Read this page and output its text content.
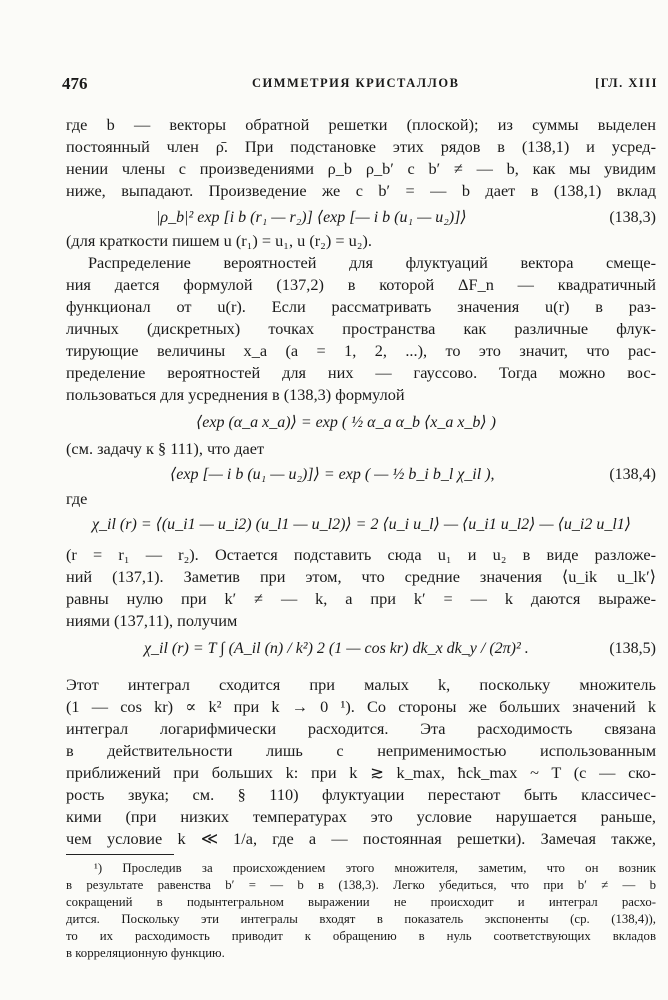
476	СИММЕТРИЯ КРИСТАЛЛОВ	[ГЛ. XIII
где b — векторы обратной решетки (плоской); из суммы выделен
постоянный член ρ̄. При подстановке этих рядов в (138,1) и усред-
нении члены с произведениями ρ_b ρ_b′ с b′ ≠ — b, как мы увидим
ниже, выпадают. Произведение же с b′ = — b дает в (138,1) вклад
|ρ_b|² exp [i b (r₁ — r₂)] ⟨exp [— i b (u₁ — u₂)]⟩	(138,3)
(для краткости пишем u (r₁) = u₁, u (r₂) = u₂).
Распределение вероятностей для флуктуаций вектора смеще-
ния дается формулой (137,2) в которой ΔF_n — квадратичный
функционал от u(r). Если рассматривать значения u(r) в раз-
личных (дискретных) точках пространства как различные флук-
тирующие величины x_a (a = 1, 2, ...), то это значит, что рас-
пределение вероятностей для них — гауссово. Тогда можно вос-
пользоваться для усреднения в (138,3) формулой
⟨exp (α_a x_a)⟩ = exp ( ½ α_a α_b ⟨x_a x_b⟩ )
(см. задачу к § 111), что дает
⟨exp [— i b (u₁ — u₂)]⟩ = exp ( — ½ b_i b_l χ_il ),	(138,4)
где
χ_il (r) = ⟨(u_i1 — u_i2) (u_l1 — u_l2)⟩ = 2 ⟨u_i u_l⟩ — ⟨u_i1 u_l2⟩ — ⟨u_i2 u_l1⟩
(r = r₁ — r₂). Остается подставить сюда u₁ и u₂ в виде разложе-
ний (137,1). Заметив при этом, что средние значения ⟨u_ik u_lk′⟩
равны нулю при k′ ≠ — k, а при k′ = — k даются выраже-
ниями (137,11), получим
χ_il (r) = T ∫ (A_il (n) / k²) 2 (1 — cos kr) dk_x dk_y / (2π)² .	(138,5)
Этот интеграл сходится при малых k, поскольку множитель
(1 — cos kr) ∝ k² при k → 0 ¹). Со стороны же больших значений k
интеграл логарифмически расходится. Эта расходимость связана
в действительности лишь с неприменимостью использованным
приближений при больших k: при k ≳ k_max, ħck_max ~ T (c — ско-
рость звука; см. § 110) флуктуации перестают быть классичес-
кими (при низких температурах это условие нарушается раньше,
чем условие k ≪ 1/a, где a — постоянная решетки). Замечая также,
¹) Проследив за происхождением этого множителя, заметим, что он возник
в результате равенства b′ = — b в (138,3). Легко убедиться, что при b′ ≠ — b
сокращений в подынтегральном выражении не происходит и интеграл расхо-
дится. Поскольку эти интегралы входят в показатель экспоненты (ср. (138,4)),
то их расходимость приводит к обращению в нуль соответствующих вкладов
в корреляционную функцию.
